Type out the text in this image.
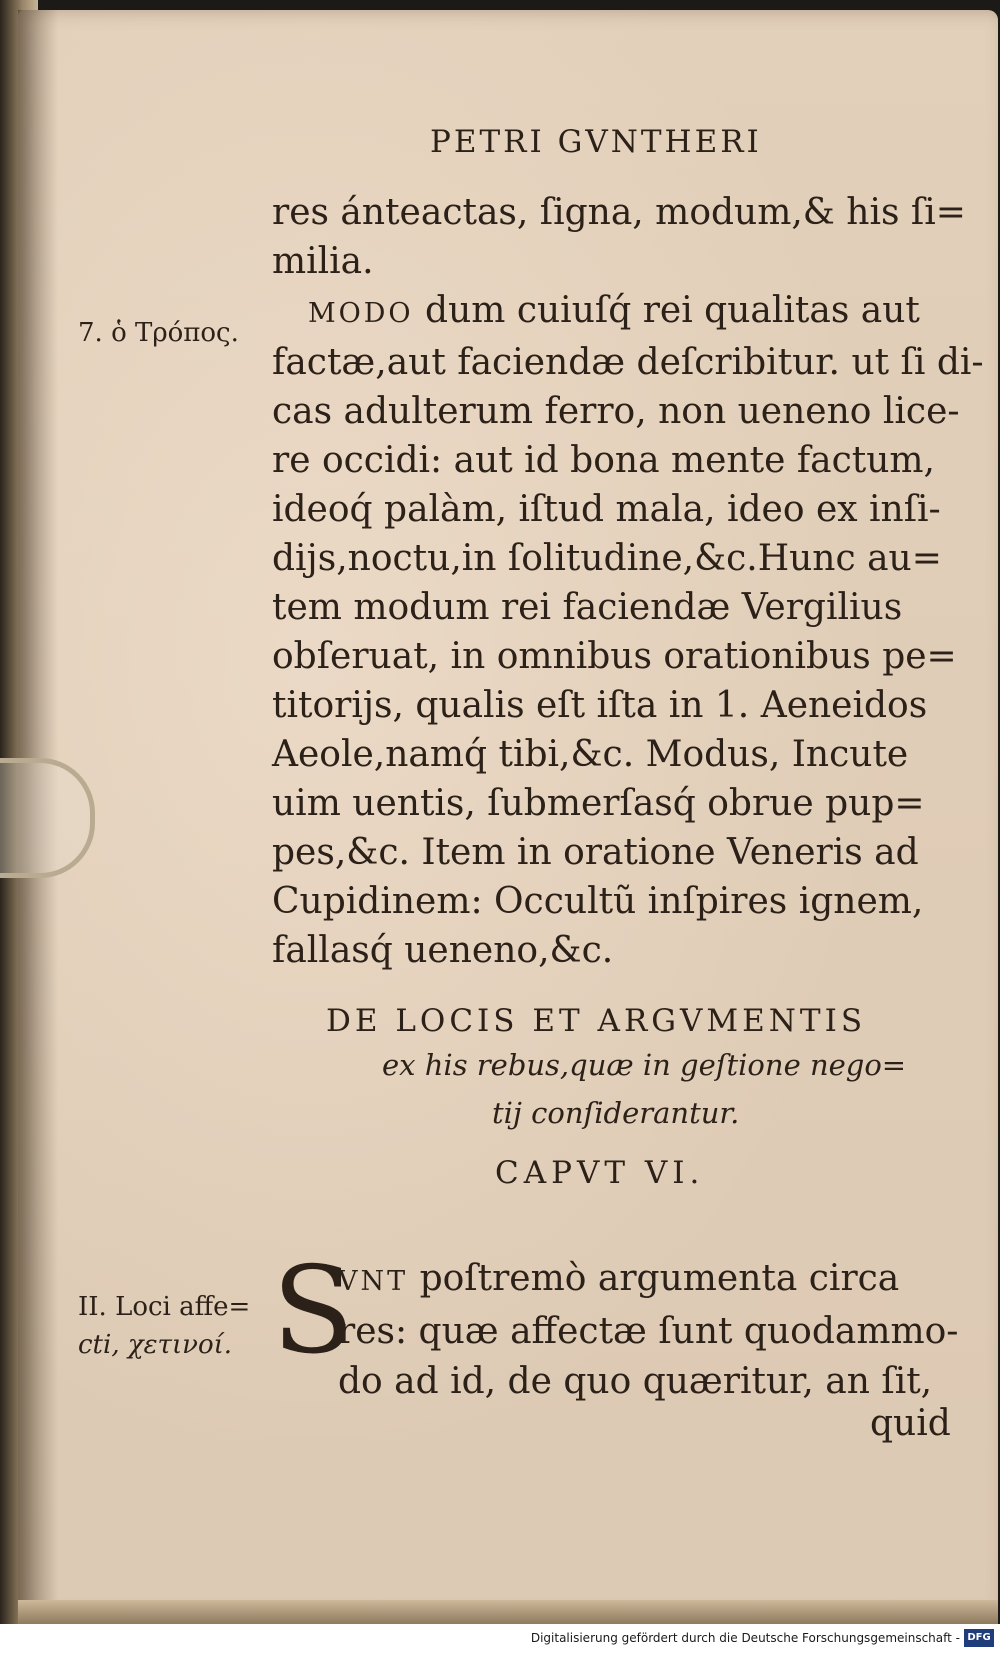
PETRI GVNTHERI
7. ὁ Τρόπος.
res ánteactas, ſigna, modum,& his ſi=
milia.
 MODO dum cuiuſq́ rei qualitas aut
factæ,aut faciendæ deſcribitur. ut ſi di-
cas adulterum ferro, non ueneno lice-
re occidi: aut id bona mente factum,
ideoq́ palàm, iſtud mala, ideo ex inſi-
dijs,noctu,in ſolitudine,&c.Hunc au=
tem modum rei faciendæ Vergilius
obſeruat, in omnibus orationibus pe=
titorijs, qualis eſt iſta in 1. Aeneidos
Aeole,namq́ tibi,&c. Modus, Incute
uim uentis, ſubmerſasq́ obrue pup=
pes,&c. Item in oratione Veneris ad
Cupidinem: Occultũ inſpires ignem,
fallasq́ ueneno,&c.
DE LOCIS ET ARGVMENTIS
ex his rebus,quæ in geſtione nego=
tij conſiderantur.
CAPVT VI.
II. Loci affe=
cti, χετινοί. S
VNT poſtremò argumenta circa
res: quæ affectæ ſunt quodammo-
do ad id, de quo quæritur, an ſit,
quid
Digitalisierung gefördert durch die Deutsche Forschungsgemeinschaft - DFG
